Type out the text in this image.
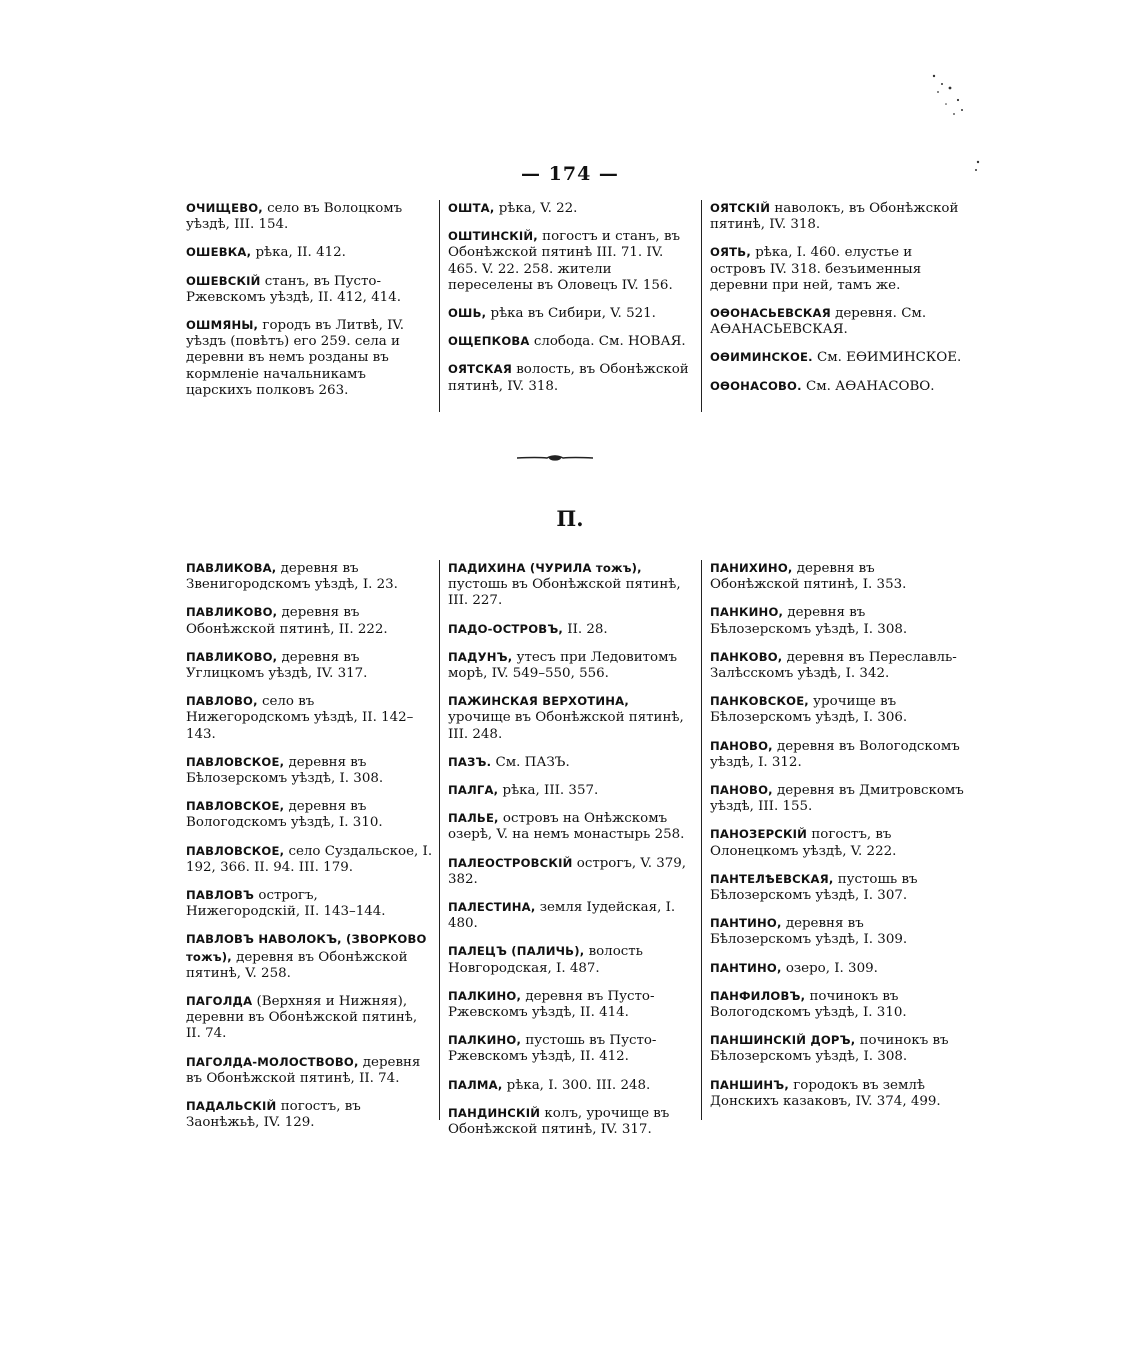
— 174 —

ОЧИЩЕВО, село въ Волоцкомъ уѣздѣ, III. 154.

ОШЕВКА, рѣка, II. 412.

ОШЕВСКІЙ станъ, въ Пусто-Ржевскомъ уѣздѣ, II. 412, 414.

ОШМЯНЫ, городъ въ Литвѣ, IV. уѣздъ (повѣтъ) его 259. села и деревни въ немъ розданы въ кормленіе начальникамъ царскихъ полковъ 263.

ОШТА, рѣка, V. 22.

ОШТИНСКІЙ, погостъ и станъ, въ Обонѣжской пятинѣ III. 71. IV. 465. V. 22. 258. жители переселены въ Оловецъ IV. 156.

ОШЬ, рѣка въ Сибири, V. 521.

ОЩЕПКОВА слобода. См. НОВАЯ.

ОЯТСКАЯ волость, въ Обонѣжской пятинѣ, IV. 318.

ОЯТСКІЙ наволокъ, въ Обонѣжской пятинѣ, IV. 318.

ОЯТЬ, рѣка, I. 460. елустье и островъ IV. 318. безъименныя деревни при ней, тамъ же.

ОѲОНАСЬЕВСКАЯ деревня. См. АѲАНАСЬЕВСКАЯ.

ОѲИМИНСКОЕ. См. ЕѲИМИНСКОЕ.

ОѲОНАСОВО. См. АѲАНАСОВО.

П.

ПАВЛИКОВА, деревня въ Звенигородскомъ уѣздѣ, I. 23.

ПАВЛИКОВО, деревня въ Обонѣжской пятинѣ, II. 222.

ПАВЛИКОВО, деревня въ Углицкомъ уѣздѣ, IV. 317.

ПАВЛОВО, село въ Нижегородскомъ уѣздѣ, II. 142–143.

ПАВЛОВСКОЕ, деревня въ Бѣлозерскомъ уѣздѣ, I. 308.

ПАВЛОВСКОЕ, деревня въ Вологодскомъ уѣздѣ, I. 310.

ПАВЛОВСКОЕ, село Суздальское, I. 192, 366. II. 94. III. 179.

ПАВЛОВЪ острогъ, Нижегородскій, II. 143–144.

ПАВЛОВЪ НАВОЛОКЪ, (ЗВОРКОВО тожъ), деревня въ Обонѣжской пятинѣ, V. 258.

ПАГОЛДА (Верхняя и Нижняя), деревни въ Обонѣжской пятинѣ, II. 74.

ПАГОЛДА-МОЛОСТВОВО, деревня въ Обонѣжской пятинѣ, II. 74.

ПАДАЛЬСКІЙ погостъ, въ Заонѣжьѣ, IV. 129.

ПАДИХИНА (ЧУРИЛА тожъ), пустошь въ Обонѣжской пятинѣ, III. 227.

ПАДО-ОСТРОВЪ, II. 28.

ПАДУНЪ, утесъ при Ледовитомъ морѣ, IV. 549–550, 556.

ПАЖИНСКАЯ ВЕРХОТИНА, урочище въ Обонѣжской пятинѣ, III. 248.

ПАЗЪ. См. ПАЗЪ.

ПАЛГА, рѣка, III. 357.

ПАЛЬЕ, островъ на Онѣжскомъ озерѣ, V. на немъ монастырь 258.

ПАЛЕОСТРОВСКІЙ острогъ, V. 379, 382.

ПАЛЕСТИНА, земля Іудейская, I. 480.

ПАЛЕЦЪ (ПАЛИЧЬ), волость Новгородская, I. 487.

ПАЛКИНО, деревня въ Пусто-Ржевскомъ уѣздѣ, II. 414.

ПАЛКИНО, пустошь въ Пусто-Ржевскомъ уѣздѣ, II. 412.

ПАЛМА, рѣка, I. 300. III. 248.

ПАНДИНСКІЙ колъ, урочище въ Обонѣжской пятинѣ, IV. 317.

ПАНИХИНО, деревня въ Обонѣжской пятинѣ, I. 353.

ПАНКИНО, деревня въ Бѣлозерскомъ уѣздѣ, I. 308.

ПАНКОВО, деревня въ Переславль-Залѣсскомъ уѣздѣ, I. 342.

ПАНКОВСКОЕ, урочище въ Бѣлозерскомъ уѣздѣ, I. 306.

ПАНОВО, деревня въ Вологодскомъ уѣздѣ, I. 312.

ПАНОВО, деревня въ Дмитровскомъ уѣздѣ, III. 155.

ПАНОЗЕРСКІЙ погостъ, въ Олонецкомъ уѣздѣ, V. 222.

ПАНТЕЛѢЕВСКАЯ, пустошь въ Бѣлозерскомъ уѣздѣ, I. 307.

ПАНТИНО, деревня въ Бѣлозерскомъ уѣздѣ, I. 309.

ПАНТИНО, озеро, I. 309.

ПАНФИЛОВЪ, починокъ въ Вологодскомъ уѣздѣ, I. 310.

ПАНШИНСКІЙ ДОРЪ, починокъ въ Бѣлозерскомъ уѣздѣ, I. 308.

ПАНШИНЪ, городокъ въ землѣ Донскихъ казаковъ, IV. 374, 499.
